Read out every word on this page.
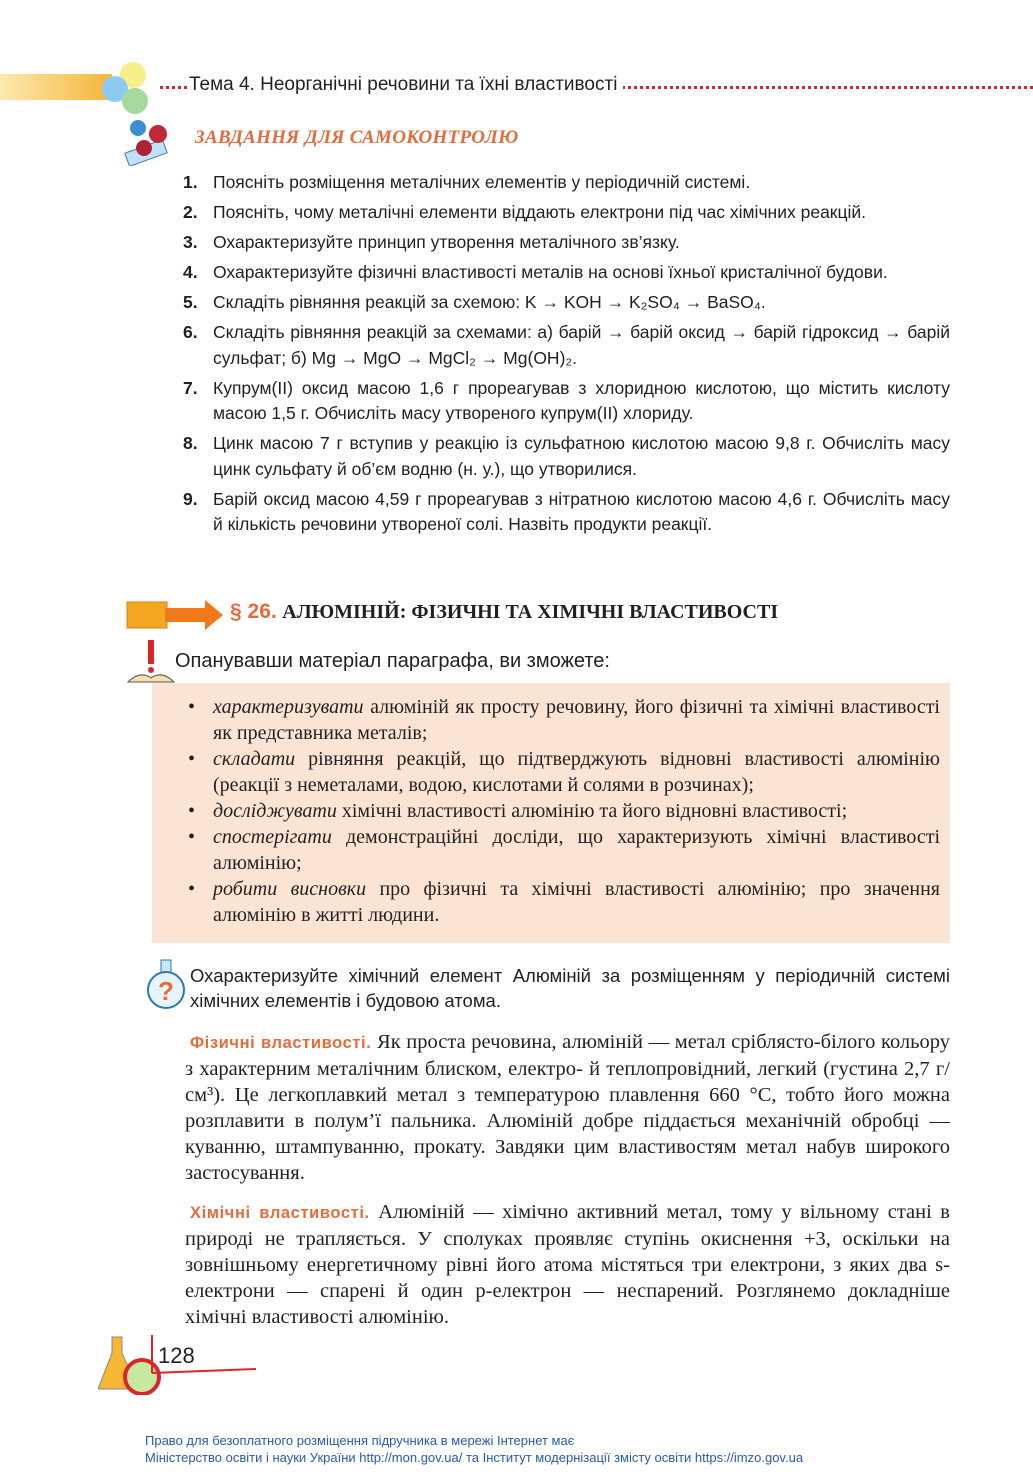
Тема 4. Неорганічні речовини та їхні властивості
ЗАВДАННЯ ДЛЯ САМОКОНТРОЛЮ
1. Поясніть розміщення металічних елементів у періодичній системі.
2. Поясніть, чому металічні елементи віддають електрони під час хімічних реакцій.
3. Охарактеризуйте принцип утворення металічного зв’язку.
4. Охарактеризуйте фізичні властивості металів на основі їхньої кристалічної будови.
5. Складіть рівняння реакцій за схемою: K → KOH → K₂SO₄ → BaSO₄.
6. Складіть рівняння реакцій за схемами: а) барій → барій оксид → барій гідроксид → барій сульфат; б) Mg → MgO → MgCl₂ → Mg(OH)₂.
7. Купрум(ІІ) оксид масою 1,6 г прореагував з хлоридною кислотою, що містить кислоту масою 1,5 г. Обчисліть масу утвореного купрум(ІІ) хлориду.
8. Цинк масою 7 г вступив у реакцію із сульфатною кислотою масою 9,8 г. Обчисліть масу цинк сульфату й об’єм водню (н. у.), що утворилися.
9. Барій оксид масою 4,59 г прореагував з нітратною кислотою масою 4,6 г. Обчисліть масу й кількість речовини утвореної солі. Назвіть продукти реакції.
§ 26. АЛЮМІНІЙ: ФІЗИЧНІ ТА ХІМІЧНІ ВЛАСТИВОСТІ
Опанувавши матеріал параграфа, ви зможете:
• характеризувати алюміній як просту речовину, його фізичні та хімічні властивості як представника металів;
• складати рівняння реакцій, що підтверджують відновні властивості алюмінію (реакції з неметалами, водою, кислотами й солями в розчинах);
• досліджувати хімічні властивості алюмінію та його відновні властивості;
• спостерігати демонстраційні досліди, що характеризують хімічні властивості алюмінію;
• робити висновки про фізичні та хімічні властивості алюмінію; про значення алюмінію в житті людини.
?
Охарактеризуйте хімічний елемент Алюміній за розміщенням у періодичній системі хімічних елементів і будовою атома.
Фізичні властивості. Як проста речовина, алюміній — метал сріблясто-білого кольору з характерним металічним блиском, електро- й теплопровідний, легкий (густина 2,7 г/см³). Це легкоплавкий метал з температурою плавлення 660 °С, тобто його можна розплавити в полум’ї пальника. Алюміній добре піддається механічній обробці — куванню, штампуванню, прокату. Завдяки цим властивостям метал набув широкого застосування.
Хімічні властивості. Алюміній — хімічно активний метал, тому у вільному стані в природі не трапляється. У сполуках проявляє ступінь окиснення +3, оскільки на зовнішньому енергетичному рівні його атома містяться три електрони, з яких два s-електрони — спарені й один p-електрон — неспарений. Розглянемо докладніше хімічні властивості алюмінію.
128
Право для безоплатного розміщення підручника в мережі Інтернет має
Міністерство освіти і науки України http://mon.gov.ua/ та Інститут модернізації змісту освіти https://imzo.gov.ua
